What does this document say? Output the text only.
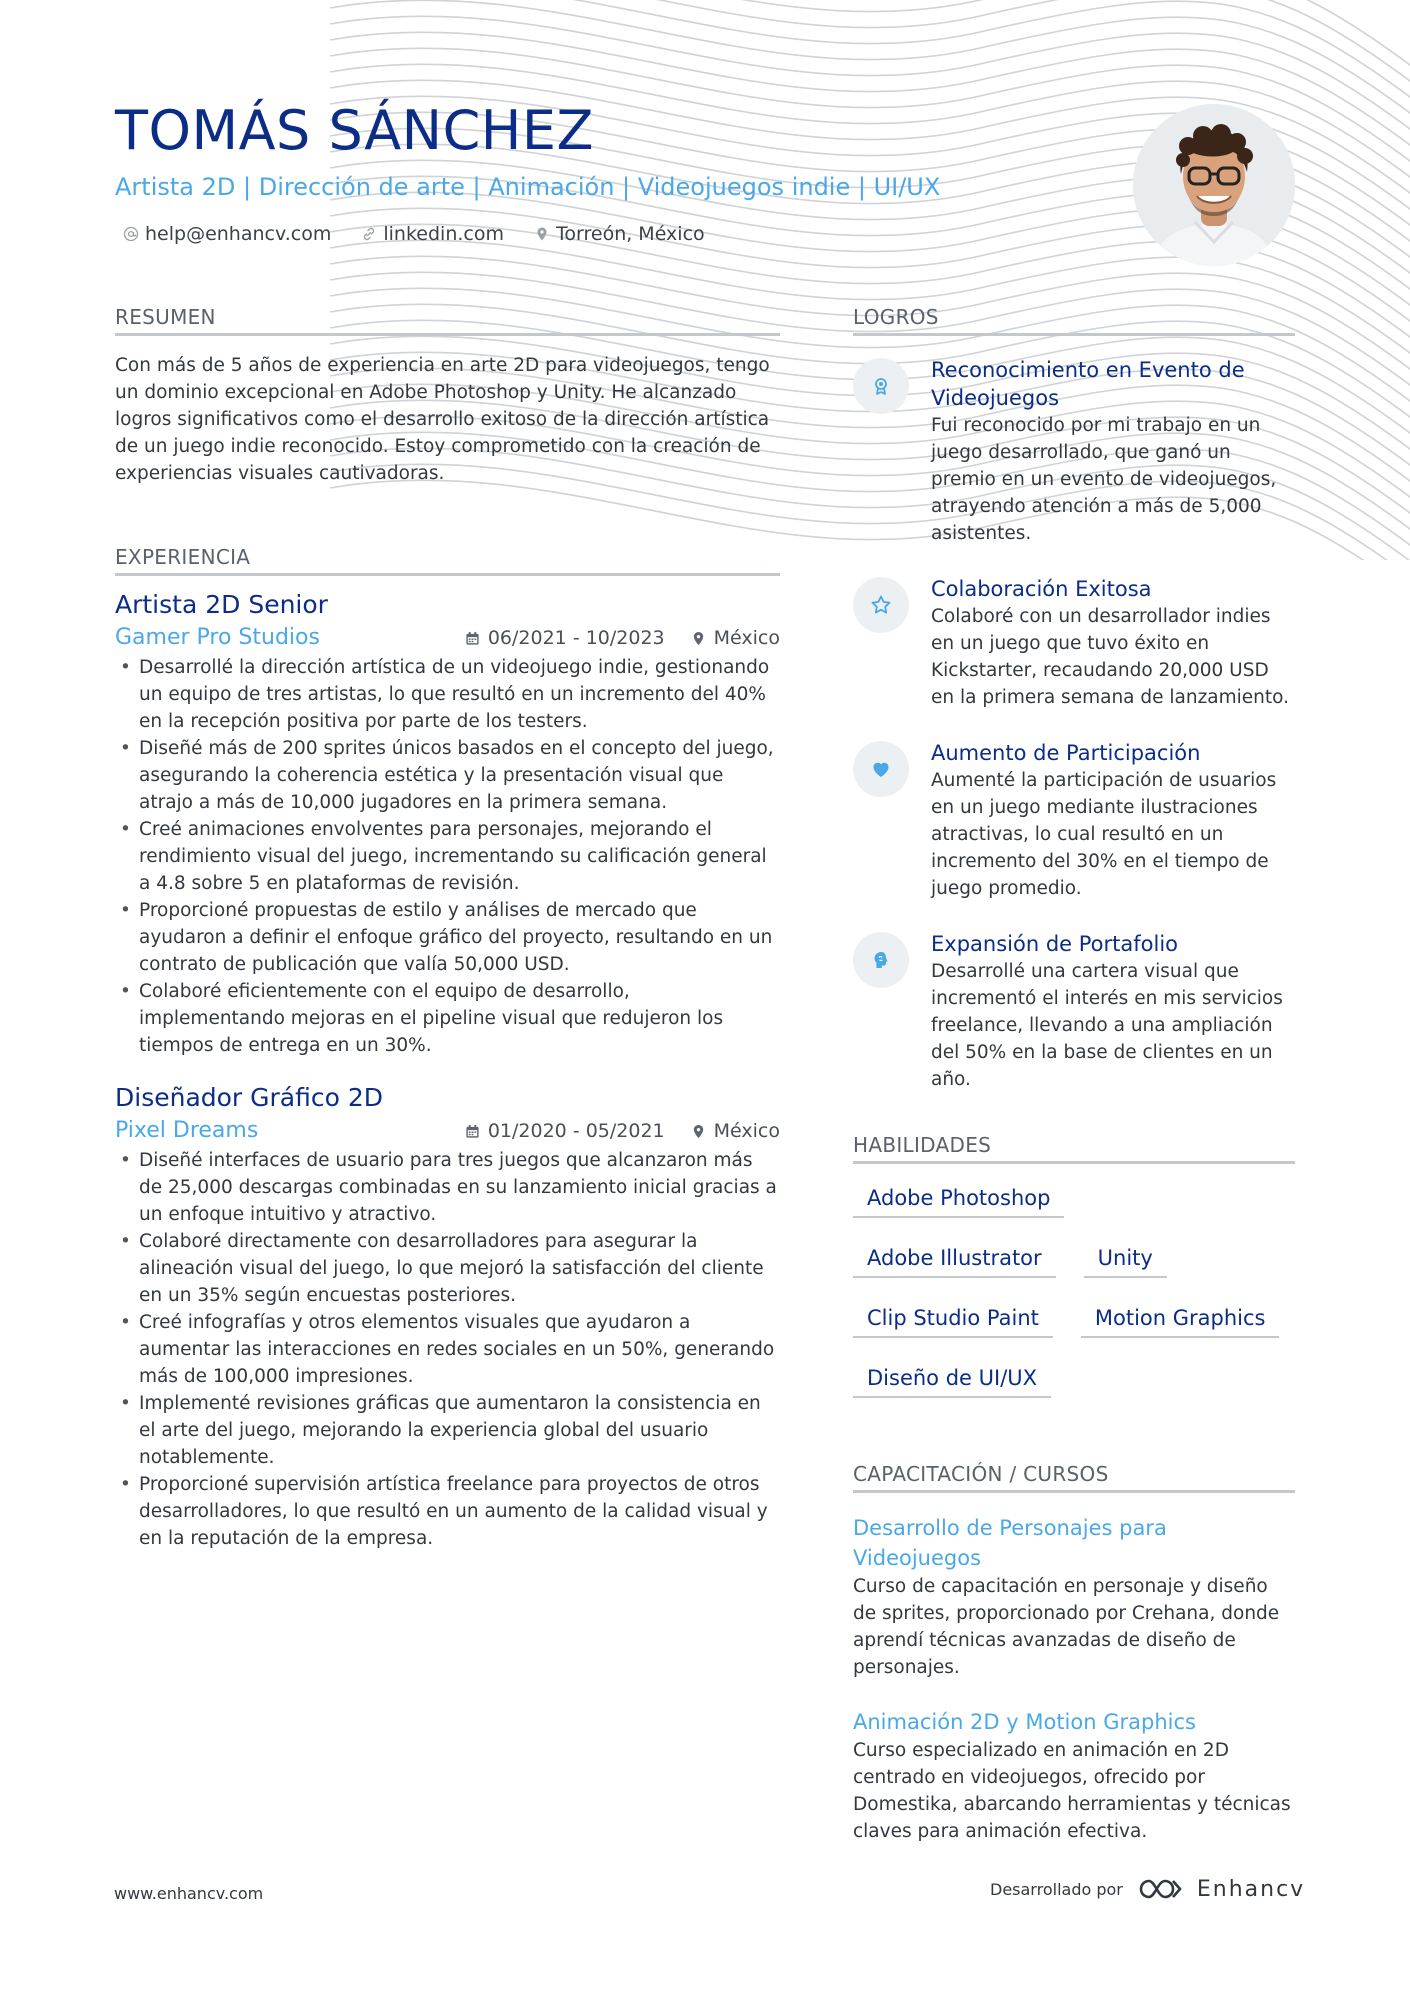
TOMÁS SÁNCHEZ
Artista 2D | Dirección de arte | Animación | Videojuegos indie | UI/UX
help@enhancv.com	linkedin.com	Torreón, México
RESUMEN
Con más de 5 años de experiencia en arte 2D para videojuegos, tengo un dominio excepcional en Adobe Photoshop y Unity. He alcanzado logros significativos como el desarrollo exitoso de la dirección artística de un juego indie reconocido. Estoy comprometido con la creación de experiencias visuales cautivadoras.
EXPERIENCIA
Artista 2D Senior
Gamer Pro Studios	06/2021 - 10/2023	México
• Desarrollé la dirección artística de un videojuego indie, gestionando un equipo de tres artistas, lo que resultó en un incremento del 40% en la recepción positiva por parte de los testers.
• Diseñé más de 200 sprites únicos basados en el concepto del juego, asegurando la coherencia estética y la presentación visual que atrajo a más de 10,000 jugadores en la primera semana.
• Creé animaciones envolventes para personajes, mejorando el rendimiento visual del juego, incrementando su calificación general a 4.8 sobre 5 en plataformas de revisión.
• Proporcioné propuestas de estilo y análises de mercado que ayudaron a definir el enfoque gráfico del proyecto, resultando en un contrato de publicación que valía 50,000 USD.
• Colaboré eficientemente con el equipo de desarrollo, implementando mejoras en el pipeline visual que redujeron los tiempos de entrega en un 30%.
Diseñador Gráfico 2D
Pixel Dreams	01/2020 - 05/2021	México
• Diseñé interfaces de usuario para tres juegos que alcanzaron más de 25,000 descargas combinadas en su lanzamiento inicial gracias a un enfoque intuitivo y atractivo.
• Colaboré directamente con desarrolladores para asegurar la alineación visual del juego, lo que mejoró la satisfacción del cliente en un 35% según encuestas posteriores.
• Creé infografías y otros elementos visuales que ayudaron a aumentar las interacciones en redes sociales en un 50%, generando más de 100,000 impresiones.
• Implementé revisiones gráficas que aumentaron la consistencia en el arte del juego, mejorando la experiencia global del usuario notablemente.
• Proporcioné supervisión artística freelance para proyectos de otros desarrolladores, lo que resultó en un aumento de la calidad visual y en la reputación de la empresa.
LOGROS
Reconocimiento en Evento de Videojuegos
Fui reconocido por mi trabajo en un juego desarrollado, que ganó un premio en un evento de videojuegos, atrayendo atención a más de 5,000 asistentes.
Colaboración Exitosa
Colaboré con un desarrollador indies en un juego que tuvo éxito en Kickstarter, recaudando 20,000 USD en la primera semana de lanzamiento.
Aumento de Participación
Aumenté la participación de usuarios en un juego mediante ilustraciones atractivas, lo cual resultó en un incremento del 30% en el tiempo de juego promedio.
Expansión de Portafolio
Desarrollé una cartera visual que incrementó el interés en mis servicios freelance, llevando a una ampliación del 50% en la base de clientes en un año.
HABILIDADES
Adobe Photoshop
Adobe Illustrator	Unity
Clip Studio Paint	Motion Graphics
Diseño de UI/UX
CAPACITACIÓN / CURSOS
Desarrollo de Personajes para Videojuegos
Curso de capacitación en personaje y diseño de sprites, proporcionado por Crehana, donde aprendí técnicas avanzadas de diseño de personajes.
Animación 2D y Motion Graphics
Curso especializado en animación en 2D centrado en videojuegos, ofrecido por Domestika, abarcando herramientas y técnicas claves para animación efectiva.
www.enhancv.com	Desarrollado por	Enhancv
